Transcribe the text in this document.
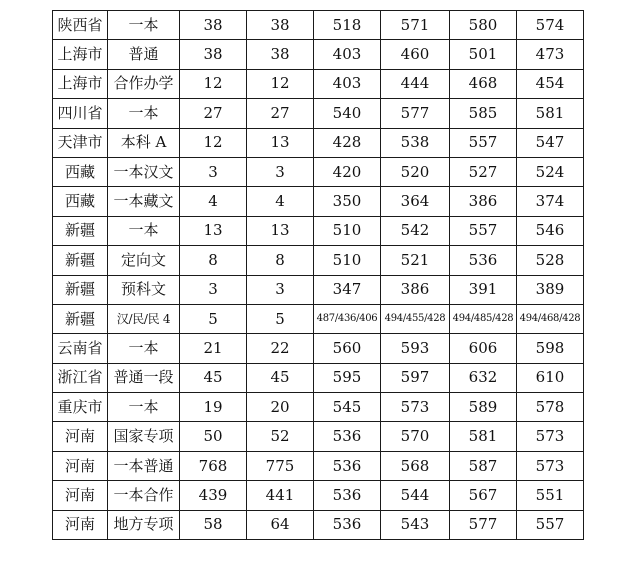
陕西省	一本	38	38	518	571	580	574
上海市	普通	38	38	403	460	501	473
上海市	合作办学	12	12	403	444	468	454
四川省	一本	27	27	540	577	585	581
天津市	本科 A	12	13	428	538	557	547
西藏	一本汉文	3	3	420	520	527	524
西藏	一本藏文	4	4	350	364	386	374
新疆	一本	13	13	510	542	557	546
新疆	定向文	8	8	510	521	536	528
新疆	预科文	3	3	347	386	391	389
新疆	汉/民/民 4	5	5	487/436/406	494/455/428	494/485/428	494/468/428
云南省	一本	21	22	560	593	606	598
浙江省	普通一段	45	45	595	597	632	610
重庆市	一本	19	20	545	573	589	578
河南	国家专项	50	52	536	570	581	573
河南	一本普通	768	775	536	568	587	573
河南	一本合作	439	441	536	544	567	551
河南	地方专项	58	64	536	543	577	557
